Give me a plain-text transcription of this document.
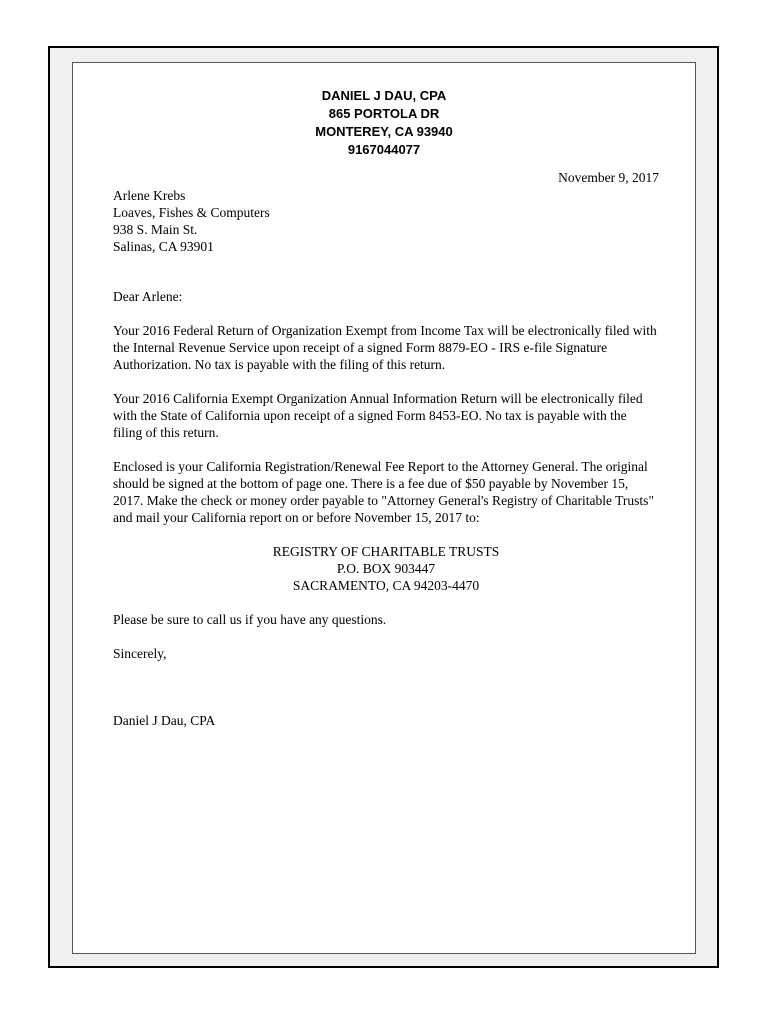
DANIEL J DAU, CPA
865 PORTOLA DR
MONTEREY, CA 93940
9167044077
November 9, 2017
Arlene Krebs
Loaves, Fishes & Computers
938 S. Main St.
Salinas, CA 93901
Dear Arlene:
Your 2016 Federal Return of Organization Exempt from Income Tax will be electronically filed with the Internal Revenue Service upon receipt of a signed Form 8879-EO - IRS e-file Signature Authorization. No tax is payable with the filing of this return.
Your 2016 California Exempt Organization Annual Information Return will be electronically filed with the State of California upon receipt of a signed Form 8453-EO. No tax is payable with the filing of this return.
Enclosed is your California Registration/Renewal Fee Report to the Attorney General. The original should be signed at the bottom of page one. There is a fee due of $50 payable by November 15, 2017. Make the check or money order payable to "Attorney General's Registry of Charitable Trusts" and mail your California report on or before November 15, 2017 to:
REGISTRY OF CHARITABLE TRUSTS
P.O. BOX 903447
SACRAMENTO, CA 94203-4470
Please be sure to call us if you have any questions.
Sincerely,
Daniel J Dau, CPA
